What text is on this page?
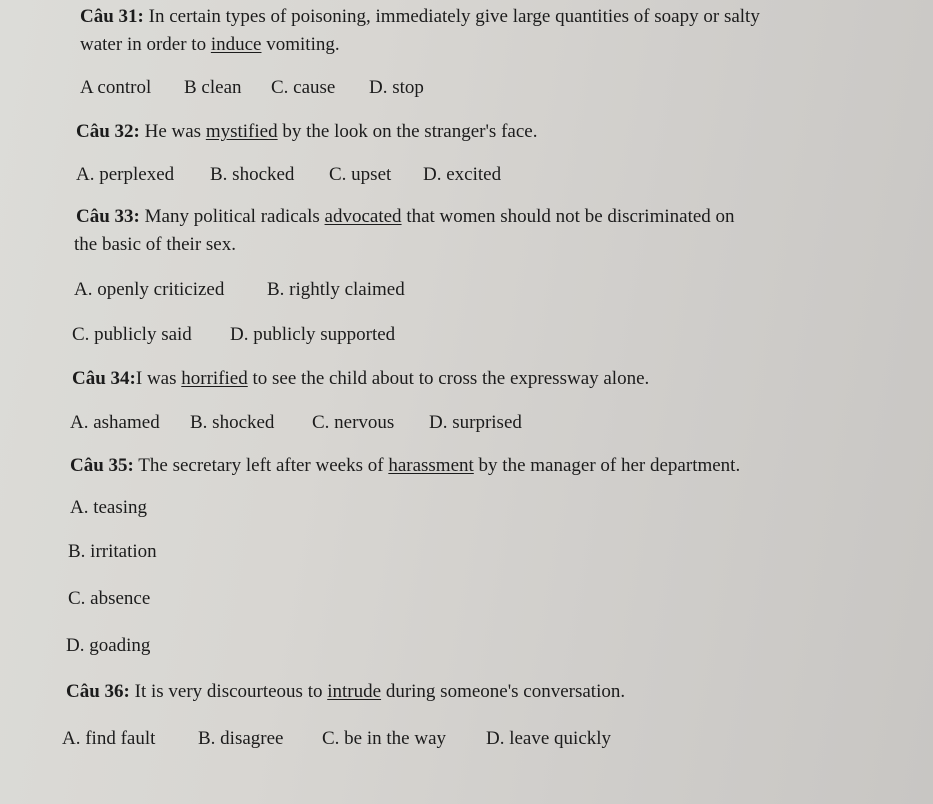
Câu 31: In certain types of poisoning, immediately give large quantities of soapy or salty
water in order to induce vomiting.
A control B clean C. cause D. stop
Câu 32: He was mystified by the look on the stranger's face.
A. perplexed B. shocked C. upset D. excited
Câu 33: Many political radicals advocated that women should not be discriminated on
the basic of their sex.
A. openly criticized B. rightly claimed
C. publicly said D. publicly supported
Câu 34:I was horrified to see the child about to cross the expressway alone.
A. ashamed B. shocked C. nervous D. surprised
Câu 35: The secretary left after weeks of harassment by the manager of her department.
A. teasing
B. irritation
C. absence
D. goading
Câu 36: It is very discourteous to intrude during someone's conversation.
A. find fault B. disagree C. be in the way D. leave quickly
